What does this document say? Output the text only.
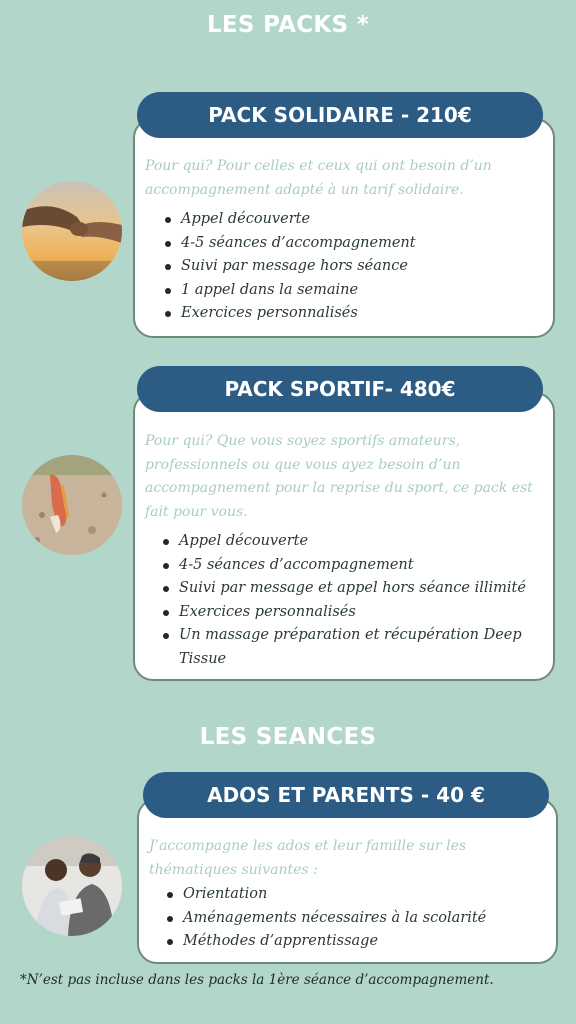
LES PACKS *
PACK SOLIDAIRE - 210€
Pour qui? Pour celles et ceux qui ont besoin d’un accompagnement adapté à un tarif solidaire.
Appel découverte
4-5 séances d’accompagnement
Suivi par message hors séance
1 appel dans la semaine
Exercices personnalisés
PACK SPORTIF- 480€
Pour qui? Que vous soyez sportifs amateurs, professionnels ou que vous ayez besoin d’un accompagnement pour la reprise du sport, ce pack est fait pour vous.
Appel découverte
4-5 séances d’accompagnement
Suivi par message et appel hors séance illimité
Exercices personnalisés
Un massage préparation et récupération Deep Tissue
LES SEANCES
ADOS ET PARENTS - 40 €
J’accompagne les ados et leur famille sur les thématiques suivantes :
Orientation
Aménagements nécessaires à la scolarité
Méthodes d’apprentissage
*N’est pas incluse dans les packs la 1ère séance d’accompagnement.
